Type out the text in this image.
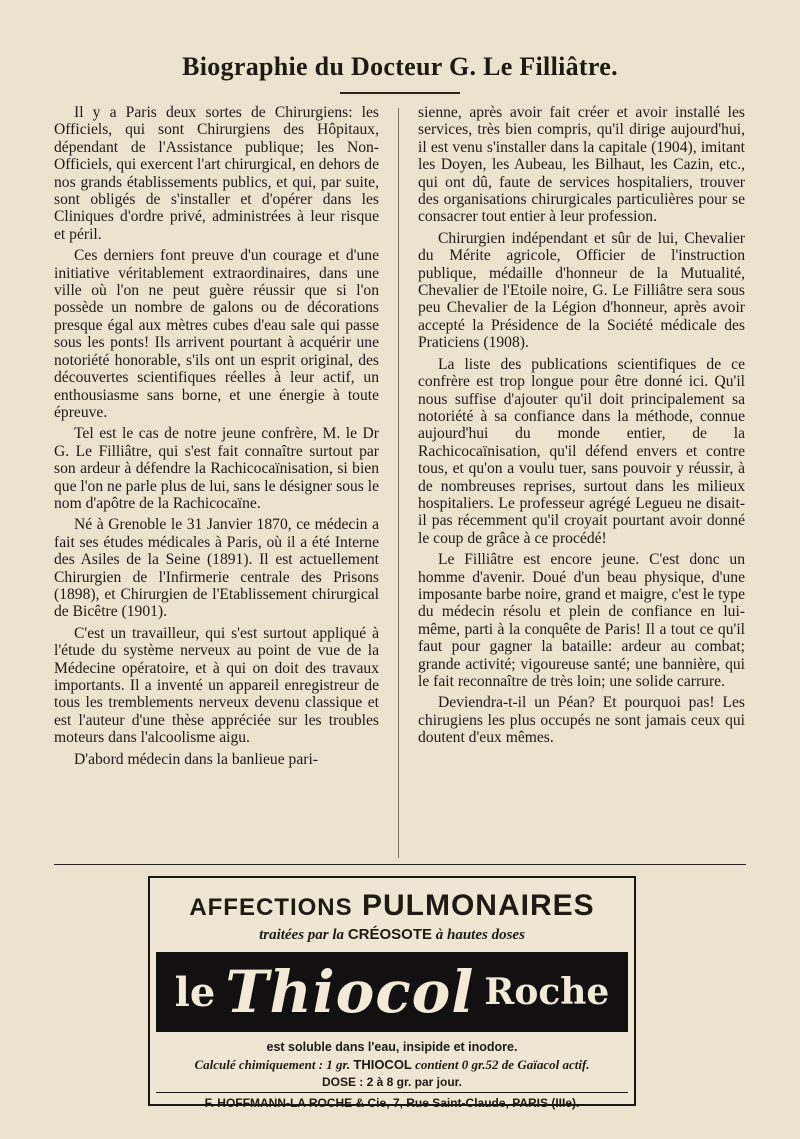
Biographie du Docteur G. Le Filliâtre.

Il y a Paris deux sortes de Chirurgiens: les Officiels, qui sont Chirurgiens des Hôpitaux, dépendant de l'Assistance publique; les Non-Officiels, qui exercent l'art chirurgical, en dehors de nos grands établissements publics, et qui, par suite, sont obligés de s'installer et d'opérer dans les Cliniques d'ordre privé, administrées à leur risque et péril.

Ces derniers font preuve d'un courage et d'une initiative véritablement extraordinaires, dans une ville où l'on ne peut guère réussir que si l'on possède un nombre de galons ou de décorations presque égal aux mètres cubes d'eau sale qui passe sous les ponts! Ils arrivent pourtant à acquérir une notoriété honorable, s'ils ont un esprit original, des découvertes scientifiques réelles à leur actif, un enthousiasme sans borne, et une énergie à toute épreuve.

Tel est le cas de notre jeune confrère, M. le Dr G. Le Filliâtre, qui s'est fait connaître surtout par son ardeur à défendre la Rachicocaïnisation, si bien que l'on ne parle plus de lui, sans le désigner sous le nom d'apôtre de la Rachicocaïne.

Né à Grenoble le 31 Janvier 1870, ce médecin a fait ses études médicales à Paris, où il a été Interne des Asiles de la Seine (1891). Il est actuellement Chirurgien de l'Infirmerie centrale des Prisons (1898), et Chirurgien de l'Etablissement chirurgical de Bicêtre (1901).

C'est un travailleur, qui s'est surtout appliqué à l'étude du système nerveux au point de vue de la Médecine opératoire, et à qui on doit des travaux importants. Il a inventé un appareil enregistreur de tous les tremblements nerveux devenu classique et est l'auteur d'une thèse appréciée sur les troubles moteurs dans l'alcoolisme aigu.

D'abord médecin dans la banlieue pari-

sienne, après avoir fait créer et avoir installé les services, très bien compris, qu'il dirige aujourd'hui, il est venu s'installer dans la capitale (1904), imitant les Doyen, les Aubeau, les Bilhaut, les Cazin, etc., qui ont dû, faute de services hospitaliers, trouver des organisations chirurgicales particulières pour se consacrer tout entier à leur profession.

Chirurgien indépendant et sûr de lui, Chevalier du Mérite agricole, Officier de l'instruction publique, médaille d'honneur de la Mutualité, Chevalier de l'Etoile noire, G. Le Filliâtre sera sous peu Chevalier de la Légion d'honneur, après avoir accepté la Présidence de la Société médicale des Praticiens (1908).

La liste des publications scientifiques de ce confrère est trop longue pour être donné ici. Qu'il nous suffise d'ajouter qu'il doit principalement sa notoriété à sa confiance dans la méthode, connue aujourd'hui du monde entier, de la Rachicocaïnisation, qu'il défend envers et contre tous, et qu'on a voulu tuer, sans pouvoir y réussir, à de nombreuses reprises, surtout dans les milieux hospitaliers. Le professeur agrégé Legueu ne disait-il pas récemment qu'il croyait pourtant avoir donné le coup de grâce à ce procédé!

Le Filliâtre est encore jeune. C'est donc un homme d'avenir. Doué d'un beau physique, d'une imposante barbe noire, grand et maigre, c'est le type du médecin résolu et plein de confiance en lui-même, parti à la conquête de Paris! Il a tout ce qu'il faut pour gagner la bataille: ardeur au combat; grande activité; vigoureuse santé; une bannière, qui le fait reconnaître de très loin; une solide carrure.

Deviendra-t-il un Péan? Et pourquoi pas! Les chirugiens les plus occupés ne sont jamais ceux qui doutent d'eux mêmes.

AFFECTIONS PULMONAIRES
traitées par la CRÉOSOTE à hautes doses
le Thiocol Roche
est soluble dans l'eau, insipide et inodore.
Calculé chimiquement : 1 gr. THIOCOL contient 0 gr.52 de Gaïacol actif.
DOSE : 2 à 8 gr. par jour.
F. HOFFMANN-LA ROCHE & Cie, 7, Rue Saint-Claude, PARIS (IIIe).
